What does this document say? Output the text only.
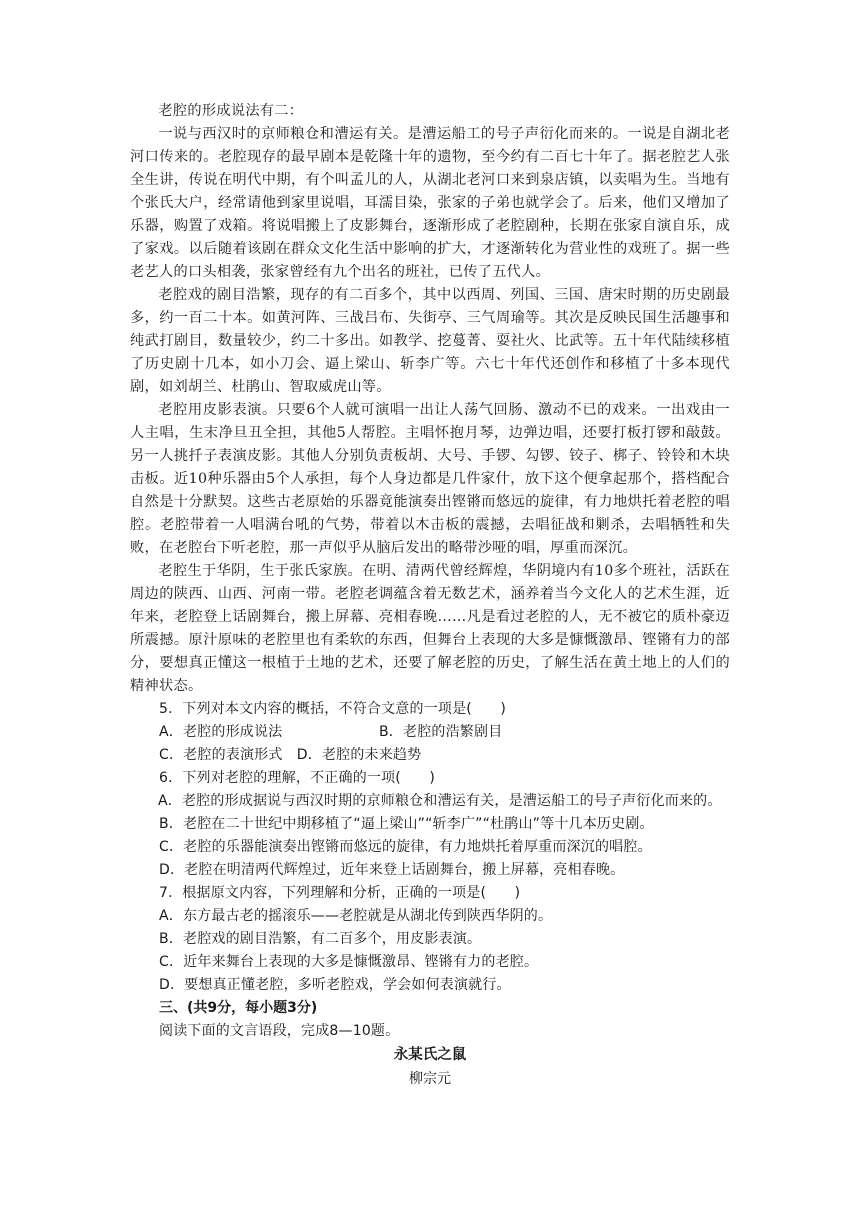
老腔的形成说法有二：

一说与西汉时的京师粮仓和漕运有关。是漕运船工的号子声衍化而来的。一说是自湖北老河口传来的。老腔现存的最早剧本是乾隆十年的遗物，至今约有二百七十年了。据老腔艺人张全生讲，传说在明代中期，有个叫孟儿的人，从湖北老河口来到泉店镇，以卖唱为生。当地有个张氏大户，经常请他到家里说唱，耳濡目染，张家的子弟也就学会了。后来，他们又增加了乐器，购置了戏箱。将说唱搬上了皮影舞台，逐渐形成了老腔剧种，长期在张家自演自乐，成了家戏。以后随着该剧在群众文化生活中影响的扩大，才逐渐转化为营业性的戏班了。据一些老艺人的口头相袭，张家曾经有九个出名的班社，已传了五代人。

老腔戏的剧目浩繁，现存的有二百多个，其中以西周、列国、三国、唐宋时期的历史剧最多，约一百二十本。如黄河阵、三战吕布、失街亭、三气周瑜等。其次是反映民国生活趣事和纯武打剧目，数量较少，约二十多出。如教学、挖蔓菁、耍社火、比武等。五十年代陆续移植了历史剧十几本，如小刀会、逼上梁山、斩李广等。六七十年代还创作和移植了十多本现代剧，如刘胡兰、杜鹃山、智取威虎山等。

老腔用皮影表演。只要6个人就可演唱一出让人荡气回肠、激动不已的戏来。一出戏由一人主唱，生末净旦丑全担，其他5人帮腔。主唱怀抱月琴，边弹边唱，还要打板打锣和敲鼓。另一人挑扦子表演皮影。其他人分别负责板胡、大号、手锣、勾锣、铰子、梆子、铃铃和木块击板。近10种乐器由5个人承担，每个人身边都是几件家什，放下这个便拿起那个，搭档配合自然是十分默契。这些古老原始的乐器竟能演奏出铿锵而悠远的旋律，有力地烘托着老腔的唱腔。老腔带着一人唱满台吼的气势，带着以木击板的震撼，去唱征战和剿杀，去唱牺牲和失败，在老腔台下听老腔，那一声似乎从脑后发出的略带沙哑的唱，厚重而深沉。

老腔生于华阴，生于张氏家族。在明、清两代曾经辉煌，华阴境内有10多个班社，活跃在周边的陕西、山西、河南一带。老腔老调蕴含着无数艺术，涵养着当今文化人的艺术生涯，近年来，老腔登上话剧舞台，搬上屏幕、亮相春晚……凡是看过老腔的人，无不被它的质朴豪迈所震撼。原汁原味的老腔里也有柔软的东西，但舞台上表现的大多是慷慨激昂、铿锵有力的部分，要想真正懂这一根植于土地的艺术，还要了解老腔的历史，了解生活在黄土地上的人们的精神状态。

5．下列对本文内容的概括，不符合文意的一项是(　　)

A．老腔的形成说法	B．老腔的浩繁剧目

C．老腔的表演形式　D．老腔的未来趋势

6．下列对老腔的理解，不正确的一项(　　)

A．老腔的形成据说与西汉时期的京师粮仓和漕运有关，是漕运船工的号子声衍化而来的。

B．老腔在二十世纪中期移植了“逼上梁山”“斩李广”“杜鹃山”等十几本历史剧。

C．老腔的乐器能演奏出铿锵而悠远的旋律，有力地烘托着厚重而深沉的唱腔。

D．老腔在明清两代辉煌过，近年来登上话剧舞台，搬上屏幕，亮相春晚。

7．根据原文内容，下列理解和分析，正确的一项是(　　)

A．东方最古老的摇滚乐——老腔就是从湖北传到陕西华阴的。

B．老腔戏的剧目浩繁，有二百多个，用皮影表演。

C．近年来舞台上表现的大多是慷慨激昂、铿锵有力的老腔。

D．要想真正懂老腔，多听老腔戏，学会如何表演就行。

三、(共9分，每小题3分)

阅读下面的文言语段，完成8—10题。

永某氏之鼠

柳宗元
